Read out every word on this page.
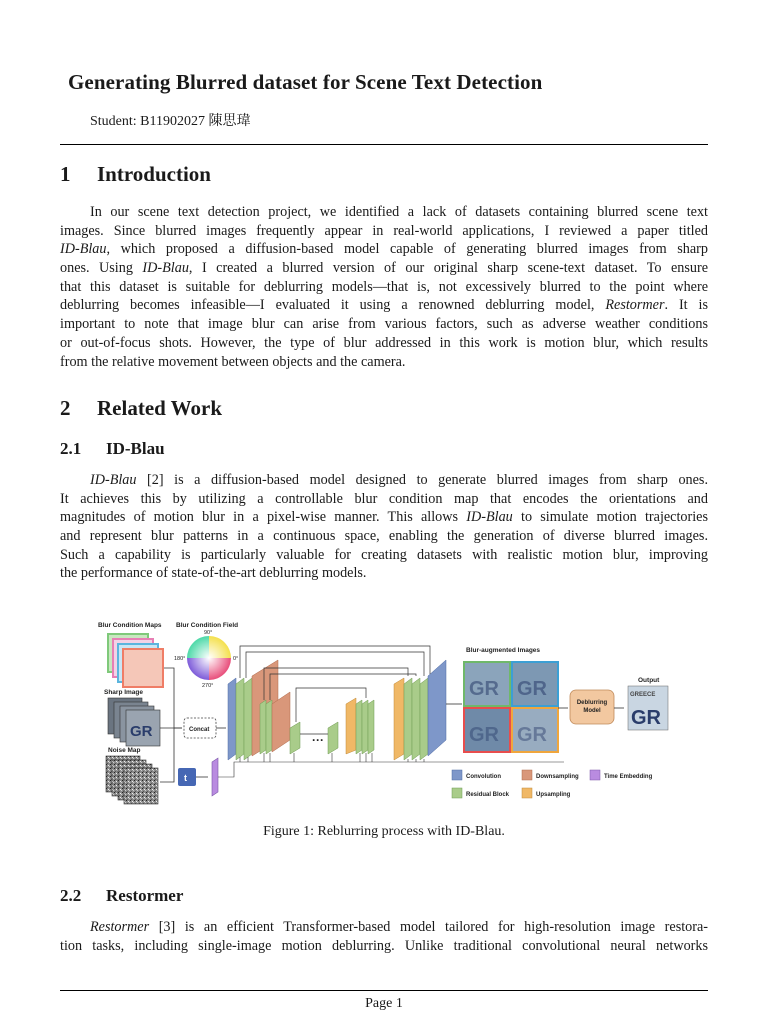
Generating Blurred dataset for Scene Text Detection
Student: B11902027 陳思瑋
1 Introduction
In our scene text detection project, we identified a lack of datasets containing blurred scene text
images. Since blurred images frequently appear in real-world applications, I reviewed a paper titled
ID-Blau, which proposed a diffusion-based model capable of generating blurred images from sharp
ones. Using ID-Blau, I created a blurred version of our original sharp scene-text dataset. To ensure
that this dataset is suitable for deblurring models—that is, not excessively blurred to the point where
deblurring becomes infeasible—I evaluated it using a renowned deblurring model, Restormer. It is
important to note that image blur can arise from various factors, such as adverse weather conditions
or out-of-focus shots. However, the type of blur addressed in this work is motion blur, which results
from the relative movement between objects and the camera.
2 Related Work
2.1 ID-Blau
ID-Blau [2] is a diffusion-based model designed to generate blurred images from sharp ones.
It achieves this by utilizing a controllable blur condition map that encodes the orientations and
magnitudes of motion blur in a pixel-wise manner. This allows ID-Blau to simulate motion trajectories
and represent blur patterns in a continuous space, enabling the generation of diverse blurred images.
Such a capability is particularly valuable for creating datasets with realistic motion blur, improving
the performance of state-of-the-art deblurring models.
Blur Condition Maps Blur Condition Field
90°
180°	0°
270°
Sharp Image
GR
Noise Map
Concat
t
···
Blur-augmented Images
GR GR
GR GR
Deblurring Model
Output
GREECE
GR
Convolution	Downsampling	Time Embedding
Residual Block	Upsampling
Figure 1: Reblurring process with ID-Blau.
2.2 Restormer
Restormer [3] is an efficient Transformer-based model tailored for high-resolution image restora-
tion tasks, including single-image motion deblurring. Unlike traditional convolutional neural networks
Page 1
